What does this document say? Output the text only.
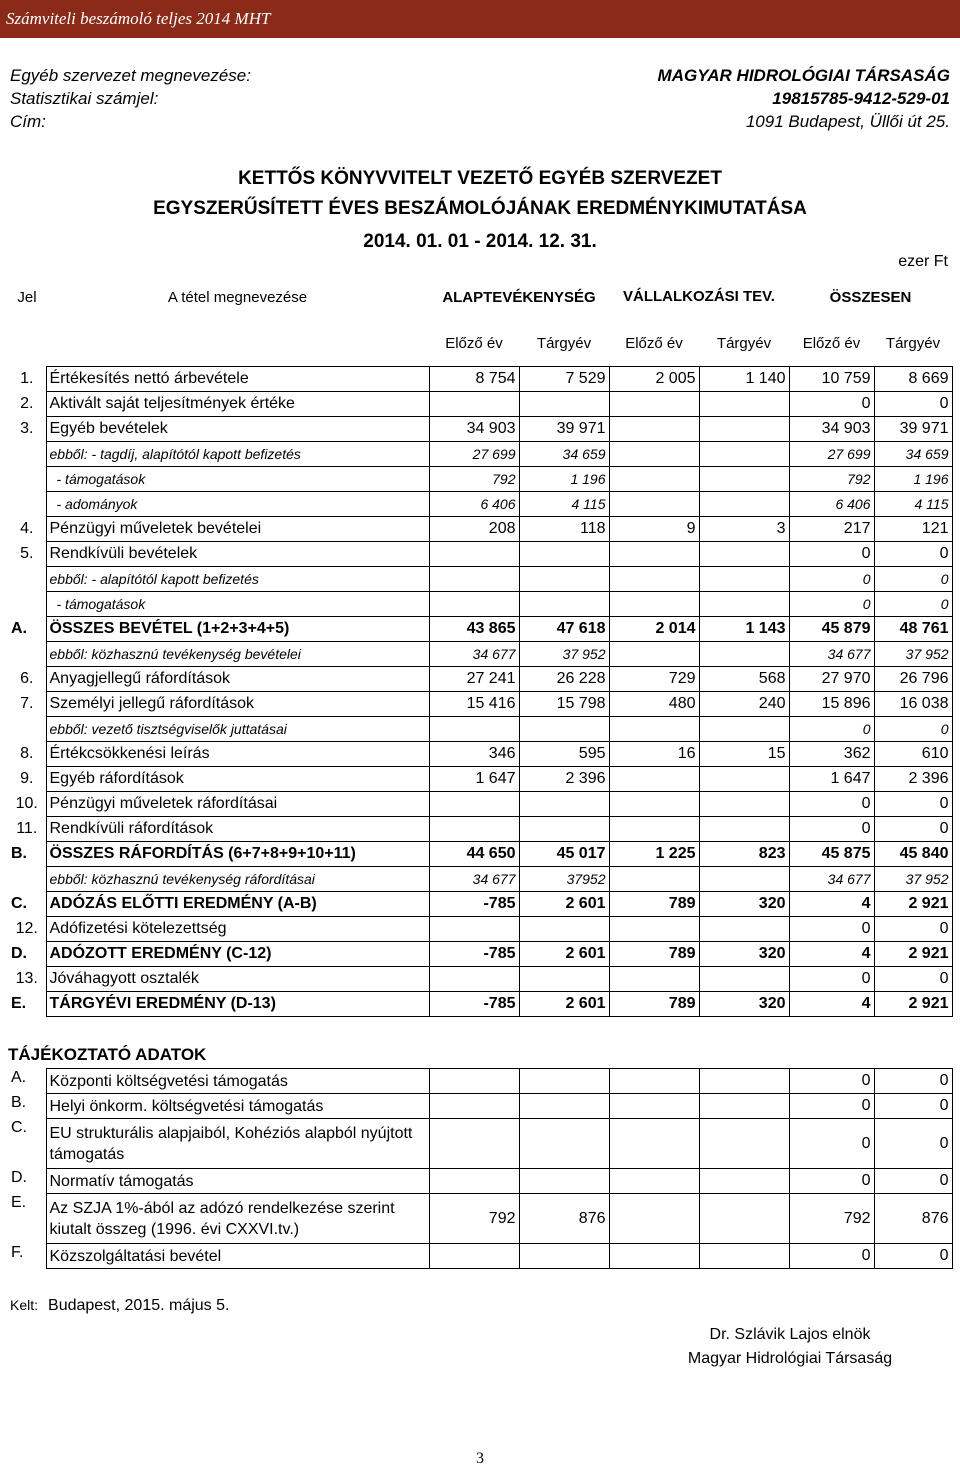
Számviteli beszámoló teljes 2014 MHT
Egyéb szervezet megnevezése:	MAGYAR HIDROLÓGIAI TÁRSASÁG
Statisztikai számjel:	19815785-9412-529-01
Cím:	1091 Budapest, Üllői út 25.
KETTŐS KÖNYVVITELT VEZETŐ EGYÉB SZERVEZET
EGYSZERŰSÍTETT ÉVES BESZÁMOLÓJÁNAK EREDMÉNYKIMUTATÁSA
2014. 01. 01 - 2014. 12. 31.
ezer Ft
Jel	A tétel megnevezése	ALAPTEVÉKENYSÉG		VÁLLALKOZÁSI TEV.		ÖSSZESEN	
		Előző év	Tárgyév	Előző év	Tárgyév	Előző év	Tárgyév
1.	Értékesítés nettó árbevétele	8 754	7 529	2 005	1 140	10 759	8 669
2.	Aktivált saját teljesítmények értéke					0	0
3.	Egyéb bevételek	34 903	39 971			34 903	39 971
	ebből: - tagdíj, alapítótól kapott befizetés	27 699	34 659			27 699	34 659
	- támogatások	792	1 196			792	1 196
	- adományok	6 406	4 115			6 406	4 115
4.	Pénzügyi műveletek bevételei	208	118	9	3	217	121
5.	Rendkívüli bevételek					0	0
	ebből: - alapítótól kapott befizetés					0	0
	- támogatások					0	0
A.	ÖSSZES BEVÉTEL (1+2+3+4+5)	43 865	47 618	2 014	1 143	45 879	48 761
	ebből: közhasznú tevékenység bevételei	34 677	37 952			34 677	37 952
6.	Anyagjellegű ráfordítások	27 241	26 228	729	568	27 970	26 796
7.	Személyi jellegű ráfordítások	15 416	15 798	480	240	15 896	16 038
	ebből: vezető tisztségviselők juttatásai					0	0
8.	Értékcsökkenési leírás	346	595	16	15	362	610
9.	Egyéb ráfordítások	1 647	2 396			1 647	2 396
10.	Pénzügyi műveletek ráfordításai					0	0
11.	Rendkívüli ráfordítások					0	0
B.	ÖSSZES RÁFORDÍTÁS (6+7+8+9+10+11)	44 650	45 017	1 225	823	45 875	45 840
	ebből: közhasznú tevékenység ráfordításai	34 677	37952			34 677	37 952
C.	ADÓZÁS ELŐTTI EREDMÉNY (A-B)	-785	2 601	789	320	4	2 921
12.	Adófizetési kötelezettség					0	0
D.	ADÓZOTT EREDMÉNY (C-12)	-785	2 601	789	320	4	2 921
13.	Jóváhagyott osztalék					0	0
E.	TÁRGYÉVI EREDMÉNY (D-13)	-785	2 601	789	320	4	2 921
TÁJÉKOZTATÓ ADATOK
A.	Központi költségvetési támogatás					0	0
B.	Helyi önkorm. költségvetési támogatás					0	0
C.	EU strukturális alapjaiból, Kohéziós alapból nyújtott támogatás					0	0
D.	Normatív támogatás					0	0
E.	Az SZJA 1%-ából az adózó rendelkezése szerint kiutalt összeg (1996. évi CXXVI.tv.)	792	876			792	876
F.	Közszolgáltatási bevétel					0	0
Kelt: Budapest, 2015. május 5.
Dr. Szlávik Lajos elnök
Magyar Hidrológiai Társaság
3
